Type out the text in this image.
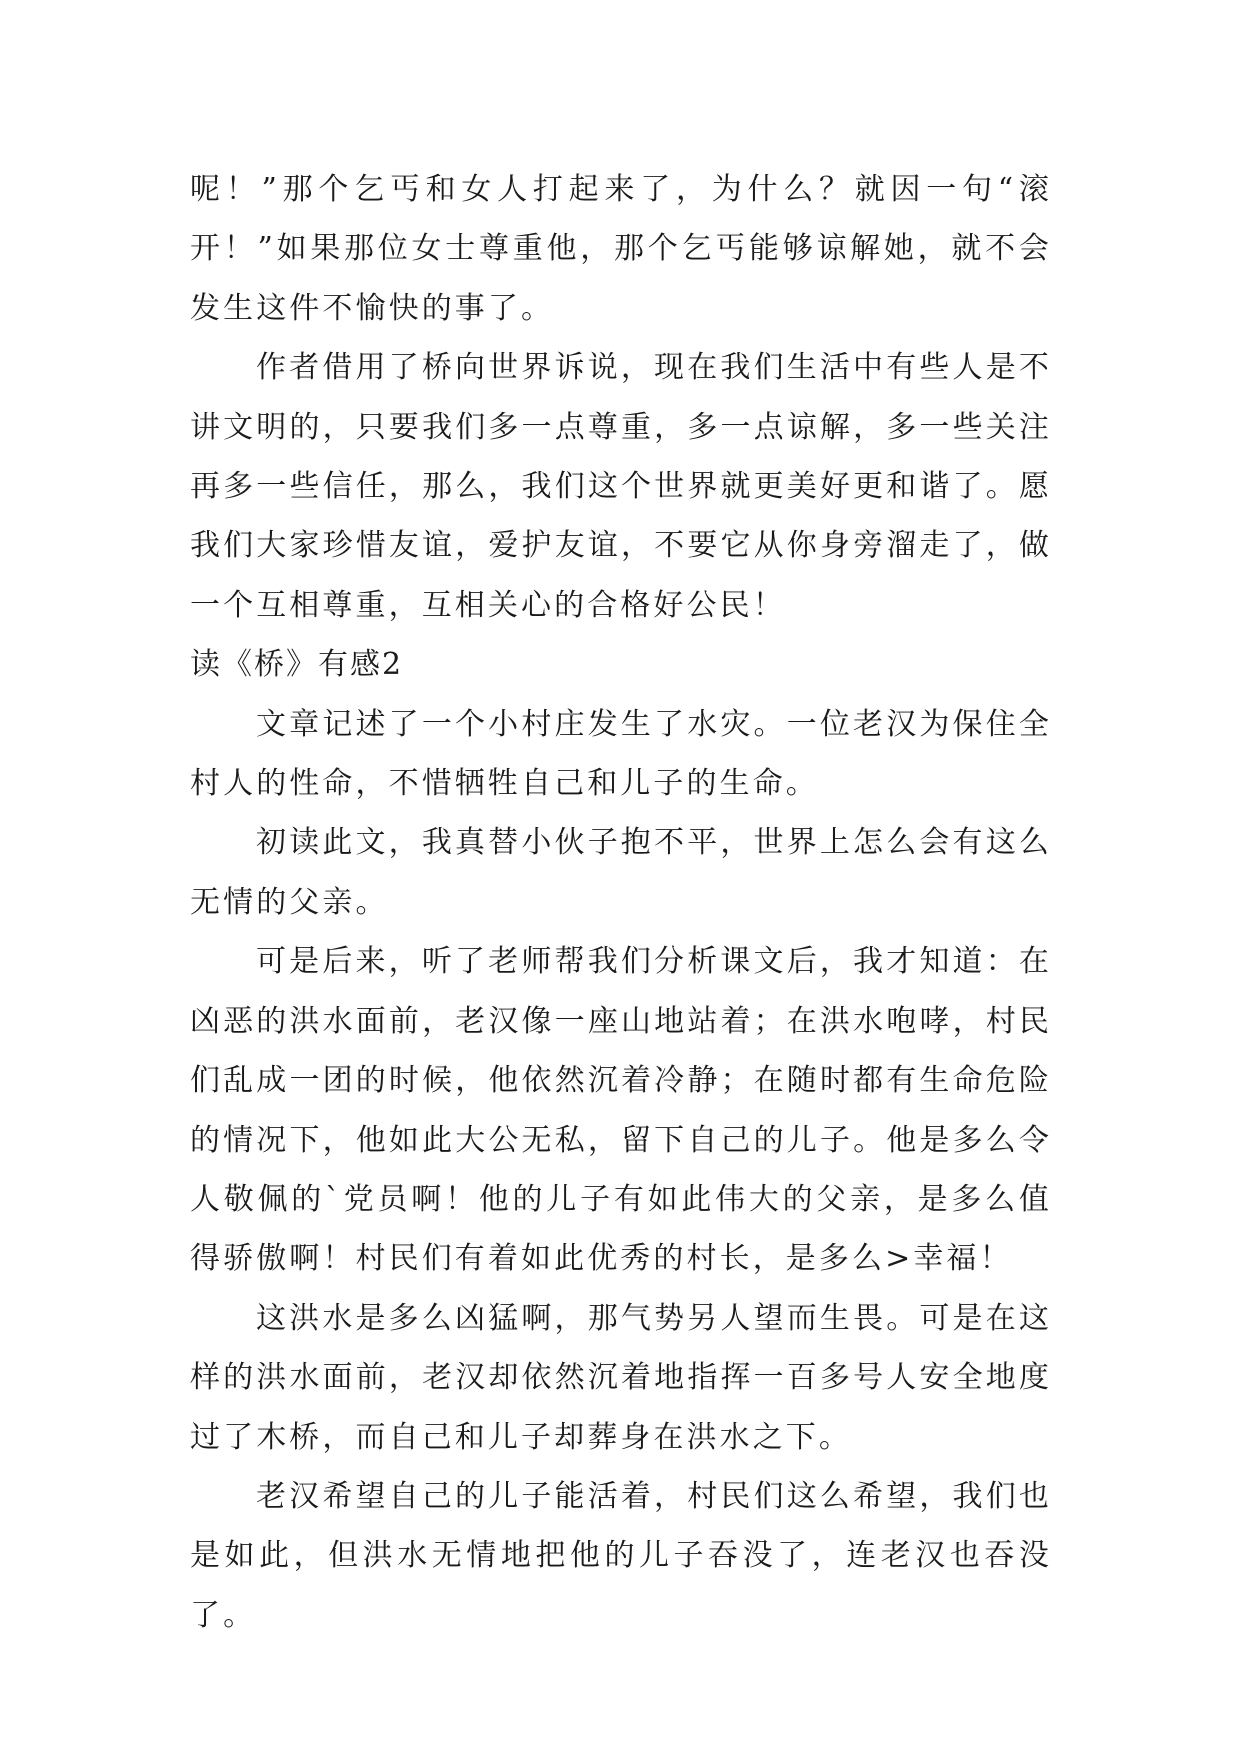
呢！”那个乞丐和女人打起来了，为什么？就因一句“滚开！”如果那位女士尊重他，那个乞丐能够谅解她，就不会发生这件不愉快的事了。

作者借用了桥向世界诉说，现在我们生活中有些人是不讲文明的，只要我们多一点尊重，多一点谅解，多一些关注再多一些信任，那么，我们这个世界就更美好更和谐了。愿我们大家珍惜友谊，爱护友谊，不要它从你身旁溜走了，做一个互相尊重，互相关心的合格好公民！

读《桥》有感2

文章记述了一个小村庄发生了水灾。一位老汉为保住全村人的性命，不惜牺牲自己和儿子的生命。

初读此文，我真替小伙子抱不平，世界上怎么会有这么无情的父亲。

可是后来，听了老师帮我们分析课文后，我才知道：在凶恶的洪水面前，老汉像一座山地站着；在洪水咆哮，村民们乱成一团的时候，他依然沉着冷静；在随时都有生命危险的情况下，他如此大公无私，留下自己的儿子。他是多么令人敬佩的`党员啊！他的儿子有如此伟大的父亲，是多么值得骄傲啊！村民们有着如此优秀的村长，是多么>幸福！

这洪水是多么凶猛啊，那气势另人望而生畏。可是在这样的洪水面前，老汉却依然沉着地指挥一百多号人安全地度过了木桥，而自己和儿子却葬身在洪水之下。

老汉希望自己的儿子能活着，村民们这么希望，我们也是如此，但洪水无情地把他的儿子吞没了，连老汉也吞没了。
